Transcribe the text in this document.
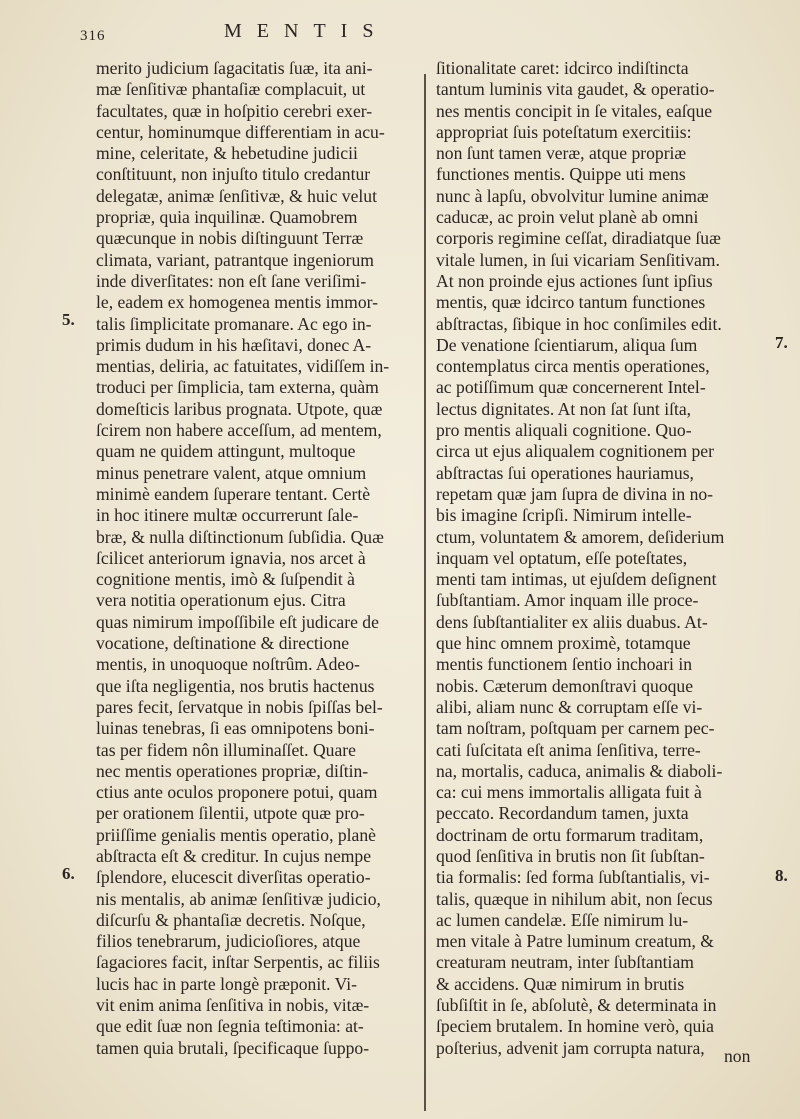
316	MENTIS
merito judicium ſagacitatis ſuæ, ita ani-
mæ ſenſitivæ phantaſiæ complacuit, ut
facultates, quæ in hoſpitio cerebri exer-
centur, hominumque differentiam in acu-
mine, celeritate, & hebetudine judicii
conſtituunt, non injuſto titulo credantur
delegatæ, animæ ſenſitivæ, & huic velut
propriæ, quia inquilinæ. Quamobrem
quæcunque in nobis diſtinguunt Terræ
climata, variant, patrantque ingeniorum
inde diverſitates: non eſt ſane veriſimi-
le, eadem ex homogenea mentis immor-
talis ſimplicitate promanare. Ac ego in-
primis dudum in his hæſitavi, donec A-
mentias, deliria, ac fatuitates, vidiſſem in-
troduci per ſimplicia, tam externa, quàm
domeſticis laribus prognata. Utpote, quæ
ſcirem non habere acceſſum, ad mentem,
quam ne quidem attingunt, multoque
minus penetrare valent, atque omnium
minimè eandem ſuperare tentant. Certè
in hoc itinere multæ occurrerunt ſale-
bræ, & nulla diſtinctionum ſubſidia. Quæ
ſcilicet anteriorum ignavia, nos arcet à
cognitione mentis, imò & ſuſpendit à
vera notitia operationum ejus. Citra
quas nimirum impoſſibile eſt judicare de
vocatione, deſtinatione & directione
mentis, in unoquoque noſtrûm. Adeo-
que iſta negligentia, nos brutis hactenus
pares fecit, ſervatque in nobis ſpiſſas bel-
luinas tenebras, ſi eas omnipotens boni-
tas per fidem nôn illuminaſſet. Quare
nec mentis operationes propriæ, diſtin-
ctius ante oculos proponere potui, quam
per orationem ſilentii, utpote quæ pro-
priiſſime genialis mentis operatio, planè
abſtracta eſt & creditur. In cujus nempe
ſplendore, elucescit diverſitas operatio-
nis mentalis, ab animæ ſenſitivæ judicio,
diſcurſu & phantaſiæ decretis. Noſque,
filios tenebrarum, judicioſiores, atque
ſagaciores facit, inſtar Serpentis, ac filiis
lucis hac in parte longè præponit. Vi-
vit enim anima ſenſitiva in nobis, vitæ-
que edit ſuæ non ſegnia teſtimonia: at-
tamen quia brutali, ſpecificaque ſuppo-
ſitionalitate caret: idcirco indiſtincta
tantum luminis vita gaudet, & operatio-
nes mentis concipit in ſe vitales, eaſque
appropriat ſuis poteſtatum exercitiis:
non ſunt tamen veræ, atque propriæ
functiones mentis. Quippe uti mens
nunc à lapſu, obvolvitur lumine animæ
caducæ, ac proin velut planè ab omni
corporis regimine ceſſat, diradiatque ſuæ
vitale lumen, in ſui vicariam Senſitivam.
At non proinde ejus actiones ſunt ipſius
mentis, quæ idcirco tantum functiones
abſtractas, ſibique in hoc conſimiles edit.
De venatione ſcientiarum, aliqua ſum
contemplatus circa mentis operationes,
ac potiſſimum quæ concernerent Intel-
lectus dignitates. At non ſat ſunt iſta,
pro mentis aliquali cognitione. Quo-
circa ut ejus aliqualem cognitionem per
abſtractas ſui operationes hauriamus,
repetam quæ jam ſupra de divina in no-
bis imagine ſcripſi. Nimirum intelle-
ctum, voluntatem & amorem, deſiderium
inquam vel optatum, eſſe poteſtates,
menti tam intimas, ut ejuſdem deſignent
ſubſtantiam. Amor inquam ille proce-
dens ſubſtantialiter ex aliis duabus. At-
que hinc omnem proximè, totamque
mentis functionem ſentio inchoari in
nobis. Cæterum demonſtravi quoque
alibi, aliam nunc & corruptam eſſe vi-
tam noſtram, poſtquam per carnem pec-
cati ſuſcitata eſt anima ſenſitiva, terre-
na, mortalis, caduca, animalis & diaboli-
ca: cui mens immortalis alligata fuit à
peccato. Recordandum tamen, juxta
doctrinam de ortu formarum traditam,
quod ſenſitiva in brutis non ſit ſubſtan-
tia formalis: ſed forma ſubſtantialis, vi-
talis, quæque in nihilum abit, non ſecus
ac lumen candelæ. Eſſe nimirum lu-
men vitale à Patre luminum creatum, &
creaturam neutram, inter ſubſtantiam
& accidens. Quæ nimirum in brutis
ſubſiſtit in ſe, abſolutè, & determinata in
ſpeciem brutalem. In homine verò, quia
poſterius, advenit jam corrupta natura,
5.
6.
7.
8.
non
